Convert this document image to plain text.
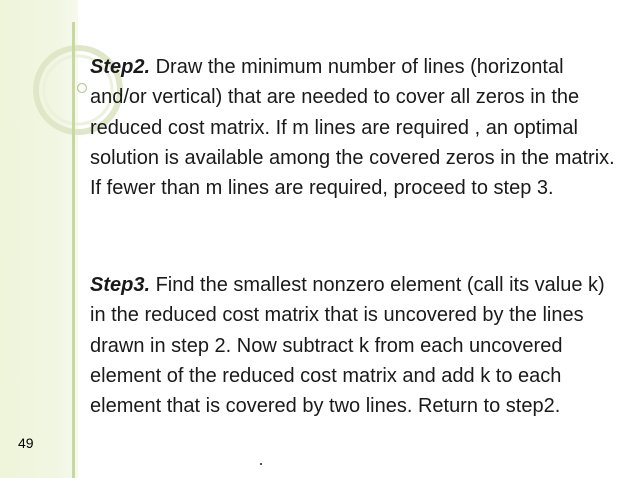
Step2. Draw the minimum number of lines (horizontal and/or vertical) that are needed to cover all zeros in the reduced cost matrix. If m lines are required , an optimal solution is available among the covered zeros in the matrix. If fewer than m lines are required, proceed to step 3.

Step3. Find the smallest nonzero element (call its value k) in the reduced cost matrix that is uncovered by the lines drawn in step 2. Now subtract k from each uncovered element of the reduced cost matrix and add k to each element that is covered by two lines. Return to step2.

49
